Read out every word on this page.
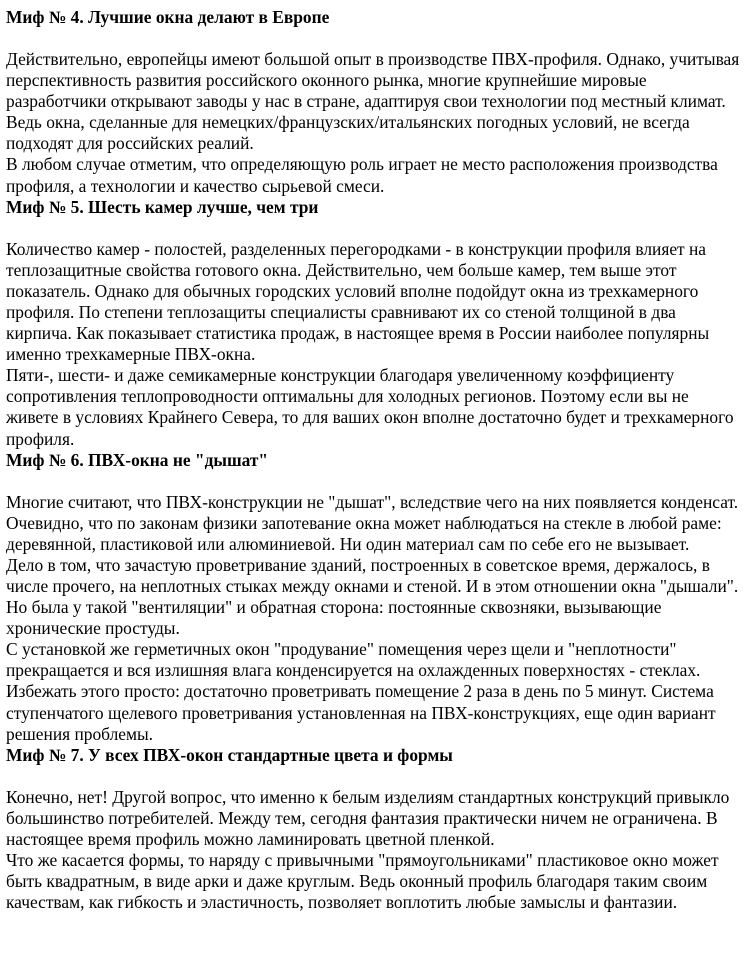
Миф № 4. Лучшие окна делают в Европе

Действительно, европейцы имеют большой опыт в производстве ПВХ-профиля. Однако, учитывая перспективность развития российского оконного рынка, многие крупнейшие мировые разработчики открывают заводы у нас в стране, адаптируя свои технологии под местный климат. Ведь окна, сделанные для немецких/французских/итальянских погодных условий, не всегда подходят для российских реалий.

В любом случае отметим, что определяющую роль играет не место расположения производства профиля, а технологии и качество сырьевой смеси.

Миф № 5. Шесть камер лучше, чем три

Количество камер - полостей, разделенных перегородками - в конструкции профиля влияет на теплозащитные свойства готового окна. Действительно, чем больше камер, тем выше этот показатель. Однако для обычных городских условий вполне подойдут окна из трехкамерного профиля. По степени теплозащиты специалисты сравнивают их со стеной толщиной в два кирпича. Как показывает статистика продаж, в настоящее время в России наиболее популярны именно трехкамерные ПВХ-окна.

Пяти-, шести- и даже семикамерные конструкции благодаря увеличенному коэффициенту сопротивления теплопроводности оптимальны для холодных регионов. Поэтому если вы не живете в условиях Крайнего Севера, то для ваших окон вполне достаточно будет и трехкамерного профиля.

Миф № 6. ПВХ-окна не "дышат"

Многие считают, что ПВХ-конструкции не "дышат", вследствие чего на них появляется конденсат. Очевидно, что по законам физики запотевание окна может наблюдаться на стекле в любой раме: деревянной, пластиковой или алюминиевой. Ни один материал сам по себе его не вызывает.

Дело в том, что зачастую проветривание зданий, построенных в советское время, держалось, в числе прочего, на неплотных стыках между окнами и стеной. И в этом отношении окна "дышали". Но была у такой "вентиляции" и обратная сторона: постоянные сквозняки, вызывающие хронические простуды.

С установкой же герметичных окон "продувание" помещения через щели и "неплотности" прекращается и вся излишняя влага конденсируется на охлажденных поверхностях - стеклах. Избежать этого просто: достаточно проветривать помещение 2 раза в день по 5 минут. Система ступенчатого щелевого проветривания установленная на ПВХ-конструкциях, еще один вариант решения проблемы.

Миф № 7. У всех ПВХ-окон стандартные цвета и формы

Конечно, нет! Другой вопрос, что именно к белым изделиям стандартных конструкций привыкло большинство потребителей. Между тем, сегодня фантазия практически ничем не ограничена. В настоящее время профиль можно ламинировать цветной пленкой.

Что же касается формы, то наряду с привычными "прямоугольниками" пластиковое окно может быть квадратным, в виде арки и даже круглым. Ведь оконный профиль благодаря таким своим качествам, как гибкость и эластичность, позволяет воплотить любые замыслы и фантазии.
